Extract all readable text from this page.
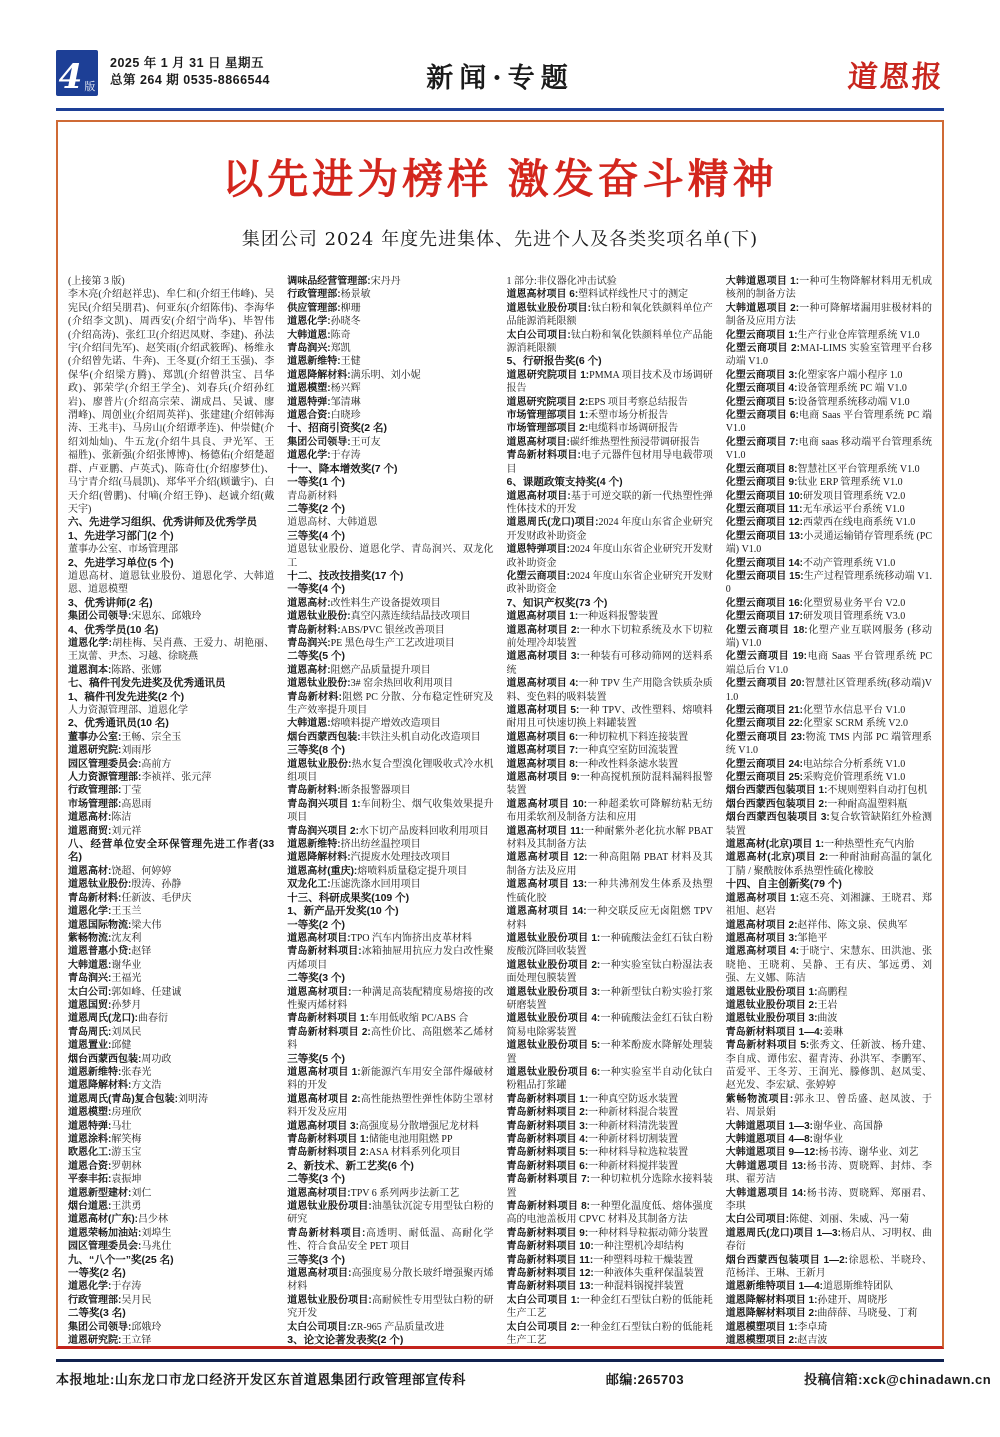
4 版
2025 年 1 月 31 日 星期五
总第 264 期 0535-8866544	新闻·专题	道恩报
以先进为榜样 激发奋斗精神
集团公司 2024 年度先进集体、先进个人及各类奖项名单(下)
(上接第 3 版)
李木亮(介绍赵祥忠)、牟仁和(介绍王伟峰)、吴宪民(介绍吴朋君)、何亚东(介绍陈伟)、李海华(介绍李文凯)、周西安(介绍宁尚华)、毕智伟(介绍高涛)、张红卫(介绍迟凤财、李建)、孙法宇(介绍闫先军)、赵笑雨(介绍武筱晖)、杨维永(介绍曾先诺、牛奔)、王冬夏(介绍王玉强)、李保华(介绍梁方腾)、郑凯(介绍曾洪宝、吕华政)、郭荣学(介绍王学全)、刘春兵(介绍孙红岩)、廖普片(介绍高宗荣、湖成昌、吴诚、廖渭峰)、周创业(介绍周英祥)、张建建(介绍韩海涛、王兆丰)、马房山(介绍谭孝连)、仲崇健(介绍刘灿灿)、牛五龙(介绍牛具良、尹光军、王福胜)、张新强(介绍张博博)、杨德佑(介绍楚超群、卢亚鹏、卢英式)、陈奇仕(介绍廖梦仕)、马宁青介绍(马晨凯)、郑华平介绍(顾谶宇)、白天介绍(曾鹏)、付嘀(介绍王铮)、赵诚介绍(戴天宇)
六、先进学习组织、优秀讲师及优秀学员
1、先进学习部门(2 个)
董事办公室、市场管理部
2、先进学习单位(5 个)
道恩高材、道恩钛业股份、道恩化学、大韩道恩、道恩模塑
3、优秀讲师(2 名)
集团公司领导:宋恩东、邱娥玲
4、优秀学员(10 名)
道恩化学:胡桂梅、吴肖燕、王爱力、胡艳丽、王岚蕾、尹杰、习越、徐晓燕
道恩润本:陈路、张娜
七、稿件刊发先进奖及优秀通讯员
1、稿件刊发先进奖(2 个)
人力资源管理部、道恩化学
2、优秀通讯员(10 名)
董事办公室:王畅、宗全玉
道恩研究院:刘雨彤
园区管理委员会:高前方
人力资源管理部:李祯祥、张元萍
行政管理部:丁莹
市场管理部:高恩雨
道恩高材:陈洁
道恩商贸:刘元祥
八、经营单位安全环保管理先进工作者(33 名)
道恩高材:饶超、何婷婷
道恩钛业股份:殷涛、孙静
青岛新材料:任新波、毛伊庆
道恩化学:王玉兰
道恩国际物流:梁大伟
紫畅物流:沈友利
道恩普惠小贷:赵铎
大韩道恩:谢华业
青岛润兴:王福光
太白公司:郭如峰、任建诚
道恩国贸:孙梦月
道恩周氏(龙口):曲春衍
青岛周氏:刘凤民
道恩置业:邱健
烟台西蒙西包装:周功政
道恩新维特:张春光
道恩降解材料:方文浩
道恩周氏(青岛)复合包装:刘明涛
道恩模塑:房瑾欣
道恩特弹:马壮
道恩涂料:解笑梅
欧恩化工:游玉宝
道恩合资:罗朝林
平泰丰拓:袁振坤
道恩新型建材:刘仁
烟台道恩:王洪勇
道恩高材(广东):吕少林
道恩荣畅加油站:刘埠生
园区管理委员会:马兆仕
九、“八个一”奖(25 名)
一等奖(2 名)
道恩化学:于存涛
行政管理部:吴月民
二等奖(3 名)
集团公司领导:邱娥玲
道恩研究院:王立铎
调味品经营管理部:宋丹丹
行政管理部:杨景敏
供应管理部:柳珊
道恩化学:孙晓冬
大韩道恩:陈奇
青岛润兴:郑凯
道恩新维特:王健
道恩降解材料:满乐明、刘小妮
道恩模塑:杨兴辉
道恩特弹:邹清琳
道恩合资:白晓珍
十、招商引资奖(2 名)
集团公司领导:王可友
道恩化学:于存涛
十一、降本增效奖(7 个)
一等奖(1 个)
青岛新材料
二等奖(2 个)
道恩高材、大韩道恩
三等奖(4 个)
道恩钛业股份、道恩化学、青岛润兴、双龙化工
十二、技改技措奖(17 个)
一等奖(4 个)
道恩高材:改性料生产设备提效项目
道恩钛业股份:真空闪蒸连续结晶技改项目
青岛新材料:ABS/PVC 银丝改善项目
青岛润兴:PE 黑色母生产工艺改进项目
二等奖(5 个)
道恩高材:阻燃产品质量提升项目
道恩钛业股份:3# 窑余热回收利用项目
青岛新材料:阻燃 PC 分散、分布稳定性研究及生产效率提升项目
大韩道恩:熔喷料提产增效改造项目
烟台西蒙西包装:丰铁注头机自动化改造项目
三等奖(8 个)
道恩钛业股份:热水复合型溴化锂吸收式冷水机组项目
青岛新材料:断条报警器项目
青岛润兴项目 1:车间粉尘、烟气收集效果提升项目
青岛润兴项目 2:水下切产品废料回收利用项目
道恩新维特:挤出纺丝温控项目
道恩降解材料:汽提废水处理技改项目
道恩高材(重庆):熔喷料质量稳定提升项目
双龙化工:压滤洗涤水回用项目
十三、科研成果奖(109 个)
1、新产品开发奖(10 个)
一等奖(2 个)
道恩高材项目:TPO 汽车内饰挤出皮革材料
青岛新材料项目:冰箱抽屉用抗应力发白改性聚丙烯项目
二等奖(3 个)
道恩高材项目:一种满足高装配精度易熔接的改性聚丙烯材料
青岛新材料项目 1:车用低收缩 PC/ABS 合
青岛新材料项目 2:高性价比、高阻燃苯乙烯材料
三等奖(5 个)
道恩高材项目 1:新能源汽车用安全部件爆破材料的开发
道恩高材项目 2:高性能热塑性弹性体防尘罩材料开发及应用
道恩高材项目 3:高强度易分散增强尼龙材料
青岛新材料项目 1:储能电池用阻燃 PP
青岛新材料项目 2:ASA 材料系列化项目
2、新技术、新工艺奖(6 个)
二等奖(3 个)
道恩高材项目:TPV 6 系列两步法新工艺
道恩钛业股份项目:油墨钛沉淀专用型钛白粉的研究
青岛新材料项目:高透明、耐低温、高耐化学性、符合食品安全 PET 项目
三等奖(3 个)
道恩高材项目:高强度易分散长玻纤增强聚丙烯材料
道恩钛业股份项目:高耐候性专用型钛白粉的研究开发
太白公司项目:ZR-965 产品质量改进
3、论文论著发表奖(2 个)
1 部分:非仪器化冲击试验
道恩高材项目 6:塑料试样线性尺寸的测定
道恩钛业股份项目:钛白粉和氧化铁颜料单位产品能源消耗限额
太白公司项目:钛白粉和氧化铁颜料单位产品能源消耗限额
5、行研报告奖(6 个)
道恩研究院项目 1:PMMA 项目技术及市场调研报告
道恩研究院项目 2:EPS 项目考察总结报告
市场管理部项目 1:禾塑市场分析报告
市场管理部项目 2:电缆料市场调研报告
道恩高材项目:碳纤维热塑性预浸带调研报告
青岛新材料项目:电子元器件包材用导电载带项目
6、课题政策支持奖(4 个)
道恩高材项目:基于可逆交联的新一代热塑性弹性体技术的开发
道恩周氏(龙口)项目:2024 年度山东省企业研究开发财政补助资金
道恩特弹项目:2024 年度山东省企业研究开发财政补助资金
化塑云商项目:2024 年度山东省企业研究开发财政补助资金
7、知识产权奖(73 个)
道恩高材项目 1:一种返料报警装置
道恩高材项目 2:一种水下切粒系统及水下切粒前处理冷却装置
道恩高材项目 3:一种装有可移动筛网的送料系统
道恩高材项目 4:一种 TPV 生产用隐含铁质杂质料、变色料的吸料装置
道恩高材项目 5:一种 TPV、改性塑料、熔喷料耐用且可快速切换上料罐装置
道恩高材项目 6:一种切粒机下料连接装置
道恩高材项目 7:一种真空室防回流装置
道恩高材项目 8:一种改性料条滤水装置
道恩高材项目 9:一种高搅机预防混料漏料报警装置
道恩高材项目 10:一种超柔软可降解纺粘无纺布用柔软剂及制备方法和应用
道恩高材项目 11:一种耐紫外老化抗水解 PBAT 材料及其制备方法
道恩高材项目 12:一种高阻隔 PBAT 材料及其制备方法及应用
道恩高材项目 13:一种共沸剂发生体系及热塑性硫化胶
道恩高材项目 14:一种交联反应无卤阻燃 TPV 材料
道恩钛业股份项目 1:一种硫酸法金红石钛白粉废酸沉降回收装置
道恩钛业股份项目 2:一种实验室钛白粉湿法表面处理包膜装置
道恩钛业股份项目 3:一种新型钛白粉实验打浆研磨装置
道恩钛业股份项目 4:一种硫酸法金红石钛白粉简易电除雾装置
道恩钛业股份项目 5:一种苯酚废水降解处理装置
道恩钛业股份项目 6:一种实验室半自动化钛白粉粗品打浆罐
青岛新材料项目 1:一种真空防返水装置
青岛新材料项目 2:一种新材料混合装置
青岛新材料项目 3:一种新材料清洗装置
青岛新材料项目 4:一种新材料切割装置
青岛新材料项目 5:一种材料导粒选粒装置
青岛新材料项目 6:一种新材料搅拌装置
青岛新材料项目 7:一种切粒机分选除水接料装置
青岛新材料项目 8:一种塑化温度低、熔体强度高的电池盖板用 CPVC 材料及其制备方法
青岛新材料项目 9:一种材料导粒振动筛分装置
青岛新材料项目 10:一种注塑机冷却结构
青岛新材料项目 11:一种塑料母粒干燥装置
青岛新材料项目 12:一种液体失重秤保温装置
青岛新材料项目 13:一种混料锅搅拌装置
太白公司项目 1:一种金红石型钛白粉的低能耗生产工艺
太白公司项目 2:一种金红石型钛白粉的低能耗生产工艺
大韩道恩项目 1:一种可生物降解材料用无机成核剂的制备方法
大韩道恩项目 2:一种可降解堵漏用驻极材料的制备及应用方法
化塑云商项目 1:生产行业仓库管理系统 V1.0
化塑云商项目 2:MAI-LIMS 实验室管理平台移动端 V1.0
化塑云商项目 3:化塑家客户端小程序 1.0
化塑云商项目 4:设备管理系统 PC 端 V1.0
化塑云商项目 5:设备管理系统移动端 V1.0
化塑云商项目 6:电商 Saas 平台管理系统 PC 端 V1.0
化塑云商项目 7:电商 saas 移动端平台管理系统 V1.0
化塑云商项目 8:智慧社区平台管理系统 V1.0
化塑云商项目 9:钛业 ERP 管理系统 V1.0
化塑云商项目 10:研发项目管理系统 V2.0
化塑云商项目 11:无车承运平台系统 V1.0
化塑云商项目 12:西蒙西在线电商系统 V1.0
化塑云商项目 13:小灵通运输销存管理系统 (PC 端) V1.0
化塑云商项目 14:不动产管理系统 V1.0
化塑云商项目 15:生产过程管理系统移动端 V1.0
化塑云商项目 16:化塑贸易业务平台 V2.0
化塑云商项目 17:研发项目管理系统 V3.0
化塑云商项目 18:化塑产业互联网服务 (移动端) V1.0
化塑云商项目 19:电商 Saas 平台管理系统 PC 端总后台 V1.0
化塑云商项目 20:智慧社区管理系统(移动端)V1.0
化塑云商项目 21:化塑节水信息平台 V1.0
化塑云商项目 22:化塑家 SCRM 系统 V2.0
化塑云商项目 23:物流 TMS 内部 PC 端管理系统 V1.0
化塑云商项目 24:电站综合分析系统 V1.0
化塑云商项目 25:采购竞价管理系统 V1.0
烟台西蒙西包装项目 1:不规则塑料自动打包机
烟台西蒙西包装项目 2:一种耐高温塑料瓶
烟台西蒙西包装项目 3:复合软管缺陷红外检测装置
道恩高材(北京)项目 1:一种热塑性充气内胎
道恩高材(北京)项目 2:一种耐油耐高温的氯化丁腈 / 聚酰胺体系热塑性硫化橡胶
十四、自主创新奖(79 个)
道恩高材项目 1:寇丕亮、刘湘濂、王晓君、郑祖旭、赵岩
道恩高材项目 2:赵祥伟、陈文泉、侯典军
道恩高材项目 3:邹艳平
道恩高材项目 4:于晓宁、宋慧东、田洪池、张晓艳、王晓莉、吴静、王有庆、邹远勇、刘强、左义娜、陈洁
道恩钛业股份项目 1:高鹏程
道恩钛业股份项目 2:王岩
道恩钛业股份项目 3:曲波
青岛新材料项目 1—4:姜琳
青岛新材料项目 5:张秀文、任新波、杨升建、李自成、谭伟宏、翟青涛、孙洪军、李鹏军、苗爱平、王冬芳、王润光、滕修凯、赵凤雯、赵光发、李宏斌、张婷婷
紫畅物流项目:郭永卫、曾岳盛、赵凤波、于岩、周景娟
大韩道恩项目 1—3:谢华业、高国静
大韩道恩项目 4—8:谢华业
大韩道恩项目 9—12:杨书涛、谢华业、刘艺
大韩道恩项目 13:杨书涛、贾晓辉、封炜、李琪、翟芳洁
大韩道恩项目 14:杨书涛、贾晓辉、郑丽君、李琪
太白公司项目:陈健、刘丽、朱威、冯一菊
道恩周氏(龙口)项目 1—3:杨启从、习明权、曲春衍
烟台西蒙西包装项目 1—2:徐恩松、半晓玲、范杨洋、王琳、王新月
道恩新维特项目 1—4:道恩斯维特团队
道恩降解材料项目 1:孙建开、周晓彤
道恩降解材料项目 2:曲薛薛、马晓曼、丁莉
道恩模塑项目 1:李卓琦
道恩模塑项目 2:赵吉波
本报地址:山东龙口市龙口经济开发区东首道恩集团行政管理部宣传科	邮编:265703	投稿信箱:xck@chinadawn.cn
